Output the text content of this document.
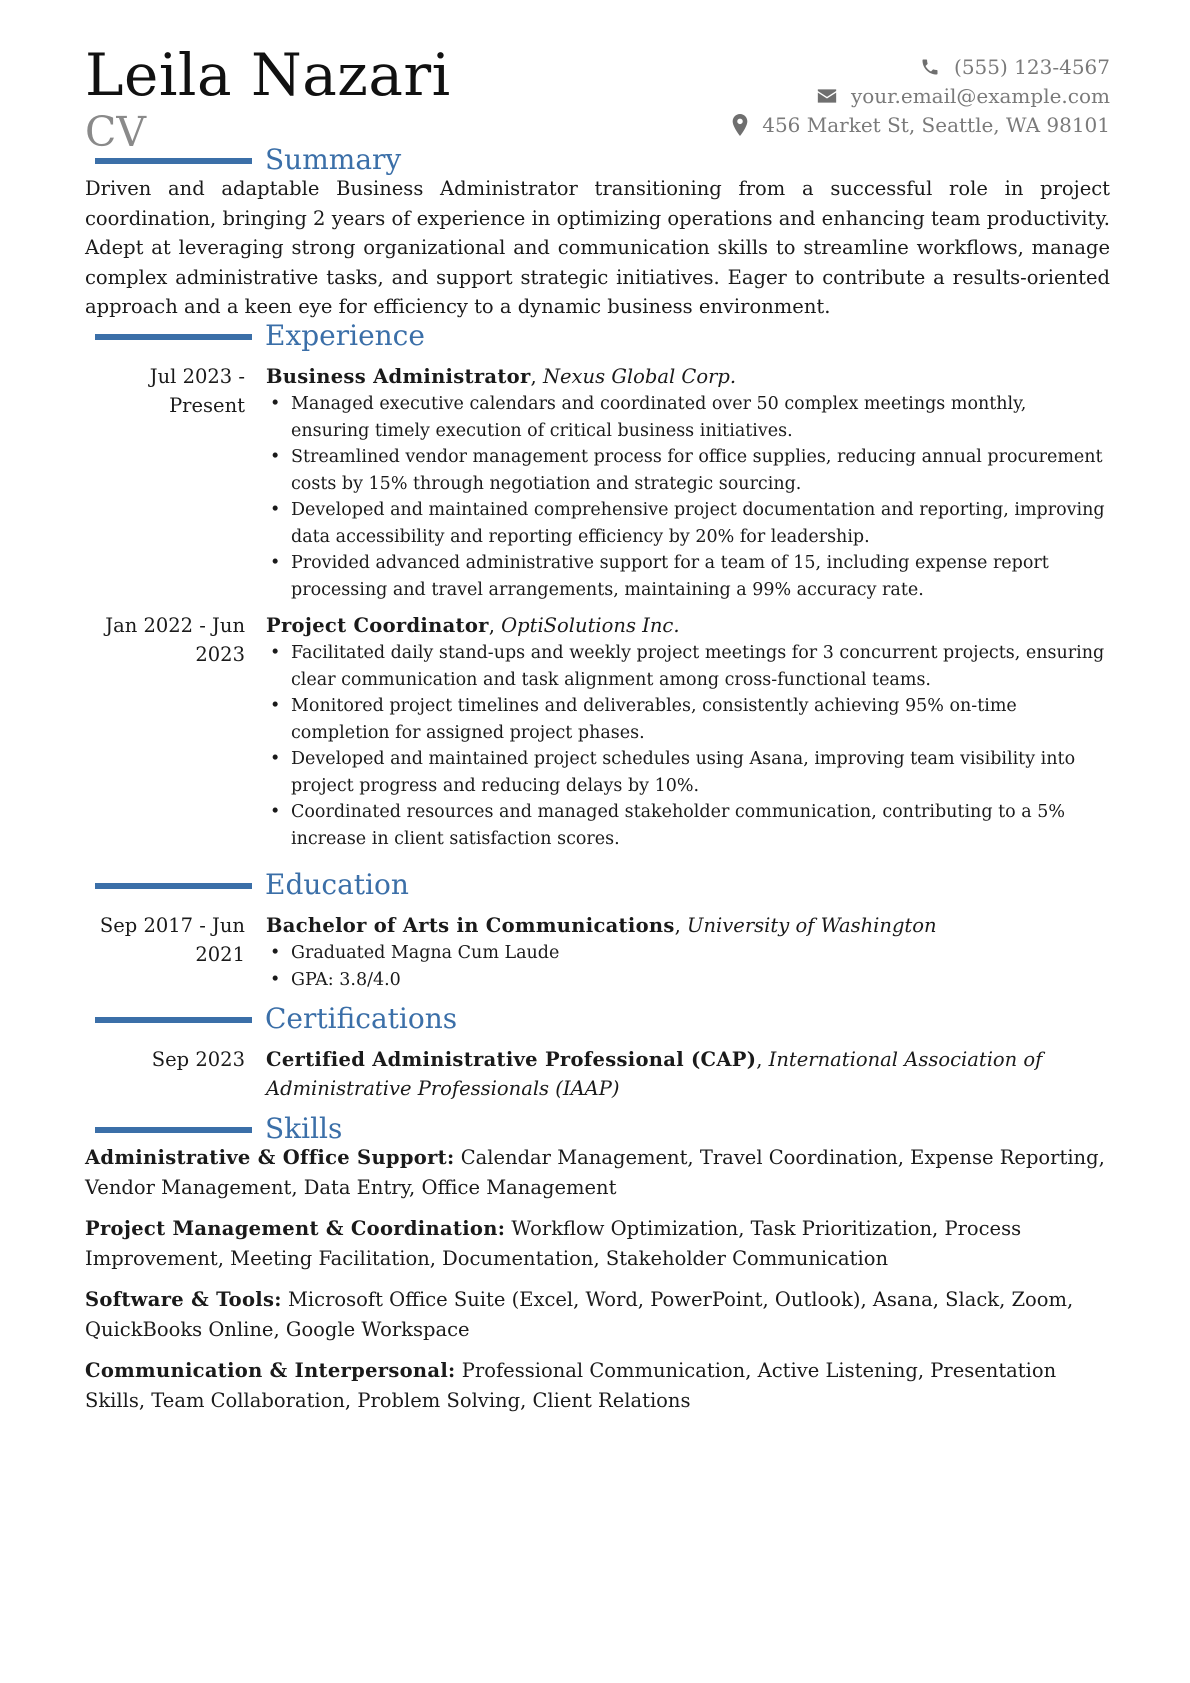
Leila Nazari
CV
(555) 123-4567
your.email@example.com
456 Market St, Seattle, WA 98101
Summary
Driven and adaptable Business Administrator transitioning from a successful role in project coordination, bringing 2 years of experience in optimizing operations and enhancing team productivity. Adept at leveraging strong organizational and communication skills to streamline workflows, manage complex administrative tasks, and support strategic initiatives. Eager to contribute a results-oriented approach and a keen eye for efficiency to a dynamic business environment.
Experience
Jul 2023 - Present
Business Administrator, Nexus Global Corp.
• Managed executive calendars and coordinated over 50 complex meetings monthly, ensuring timely execution of critical business initiatives.
• Streamlined vendor management process for office supplies, reducing annual procurement costs by 15% through negotiation and strategic sourcing.
• Developed and maintained comprehensive project documentation and reporting, improving data accessibility and reporting efficiency by 20% for leadership.
• Provided advanced administrative support for a team of 15, including expense report processing and travel arrangements, maintaining a 99% accuracy rate.
Jan 2022 - Jun 2023
Project Coordinator, OptiSolutions Inc.
• Facilitated daily stand-ups and weekly project meetings for 3 concurrent projects, ensuring clear communication and task alignment among cross-functional teams.
• Monitored project timelines and deliverables, consistently achieving 95% on-time completion for assigned project phases.
• Developed and maintained project schedules using Asana, improving team visibility into project progress and reducing delays by 10%.
• Coordinated resources and managed stakeholder communication, contributing to a 5% increase in client satisfaction scores.
Education
Sep 2017 - Jun 2021
Bachelor of Arts in Communications, University of Washington
• Graduated Magna Cum Laude
• GPA: 3.8/4.0
Certifications
Sep 2023 Certified Administrative Professional (CAP), International Association of Administrative Professionals (IAAP)
Skills
Administrative & Office Support: Calendar Management, Travel Coordination, Expense Reporting, Vendor Management, Data Entry, Office Management
Project Management & Coordination: Workflow Optimization, Task Prioritization, Process Improvement, Meeting Facilitation, Documentation, Stakeholder Communication
Software & Tools: Microsoft Office Suite (Excel, Word, PowerPoint, Outlook), Asana, Slack, Zoom, QuickBooks Online, Google Workspace
Communication & Interpersonal: Professional Communication, Active Listening, Presentation Skills, Team Collaboration, Problem Solving, Client Relations
